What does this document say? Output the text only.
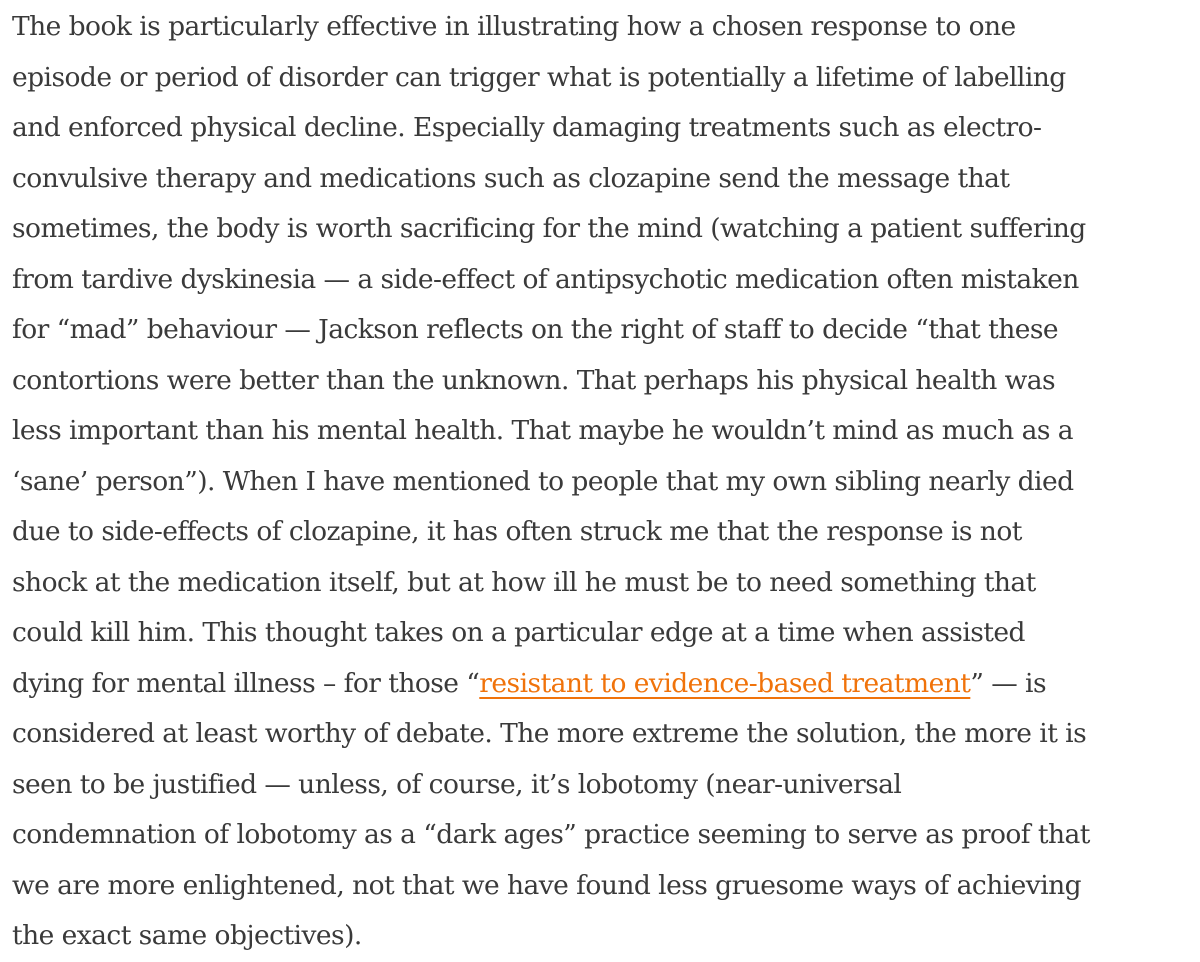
The book is particularly effective in illustrating how a chosen response to one
episode or period of disorder can trigger what is potentially a lifetime of labelling
and enforced physical decline. Especially damaging treatments such as electro-
convulsive therapy and medications such as clozapine send the message that
sometimes, the body is worth sacrificing for the mind (watching a patient suffering
from tardive dyskinesia — a side-effect of antipsychotic medication often mistaken
for “mad” behaviour — Jackson reflects on the right of staff to decide “that these
contortions were better than the unknown. That perhaps his physical health was
less important than his mental health. That maybe he wouldn’t mind as much as a
‘sane’ person”). When I have mentioned to people that my own sibling nearly died
due to side-effects of clozapine, it has often struck me that the response is not
shock at the medication itself, but at how ill he must be to need something that
could kill him. This thought takes on a particular edge at a time when assisted
dying for mental illness – for those “resistant to evidence-based treatment” — is
considered at least worthy of debate. The more extreme the solution, the more it is
seen to be justified — unless, of course, it’s lobotomy (near-universal
condemnation of lobotomy as a “dark ages” practice seeming to serve as proof that
we are more enlightened, not that we have found less gruesome ways of achieving
the exact same objectives).
